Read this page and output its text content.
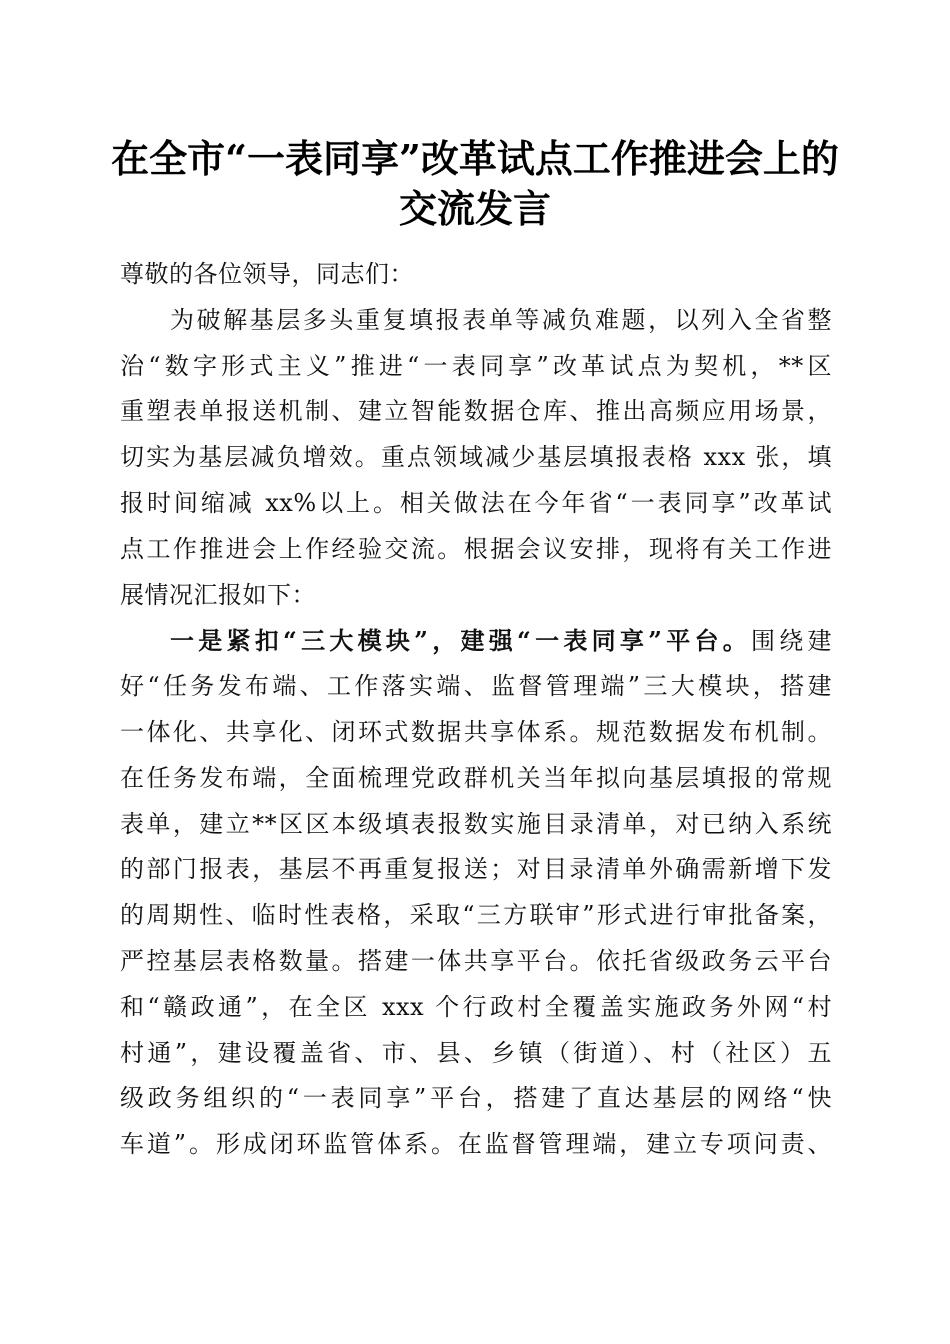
在全市“一表同享”改革试点工作推进会上的
交流发言
尊敬的各位领导，同志们：
为破解基层多头重复填报表单等减负难题，以列入全省整
治“数字形式主义”推进“一表同享”改革试点为契机，**区
重塑表单报送机制、建立智能数据仓库、推出高频应用场景，
切实为基层减负增效。重点领域减少基层填报表格 xxx 张，填
报时间缩减 xx%以上。相关做法在今年省“一表同享”改革试
点工作推进会上作经验交流。根据会议安排，现将有关工作进
展情况汇报如下：
一是紧扣“三大模块”，建强“一表同享”平台。围绕建
好“任务发布端、工作落实端、监督管理端”三大模块，搭建
一体化、共享化、闭环式数据共享体系。规范数据发布机制。
在任务发布端，全面梳理党政群机关当年拟向基层填报的常规
表单，建立**区区本级填表报数实施目录清单，对已纳入系统
的部门报表，基层不再重复报送；对目录清单外确需新增下发
的周期性、临时性表格，采取“三方联审”形式进行审批备案，
严控基层表格数量。搭建一体共享平台。依托省级政务云平台
和“赣政通”，在全区 xxx 个行政村全覆盖实施政务外网“村
村通”，建设覆盖省、市、县、乡镇（街道）、村（社区）五
级政务组织的“一表同享”平台，搭建了直达基层的网络“快
车道”。形成闭环监管体系。在监督管理端，建立专项问责、
